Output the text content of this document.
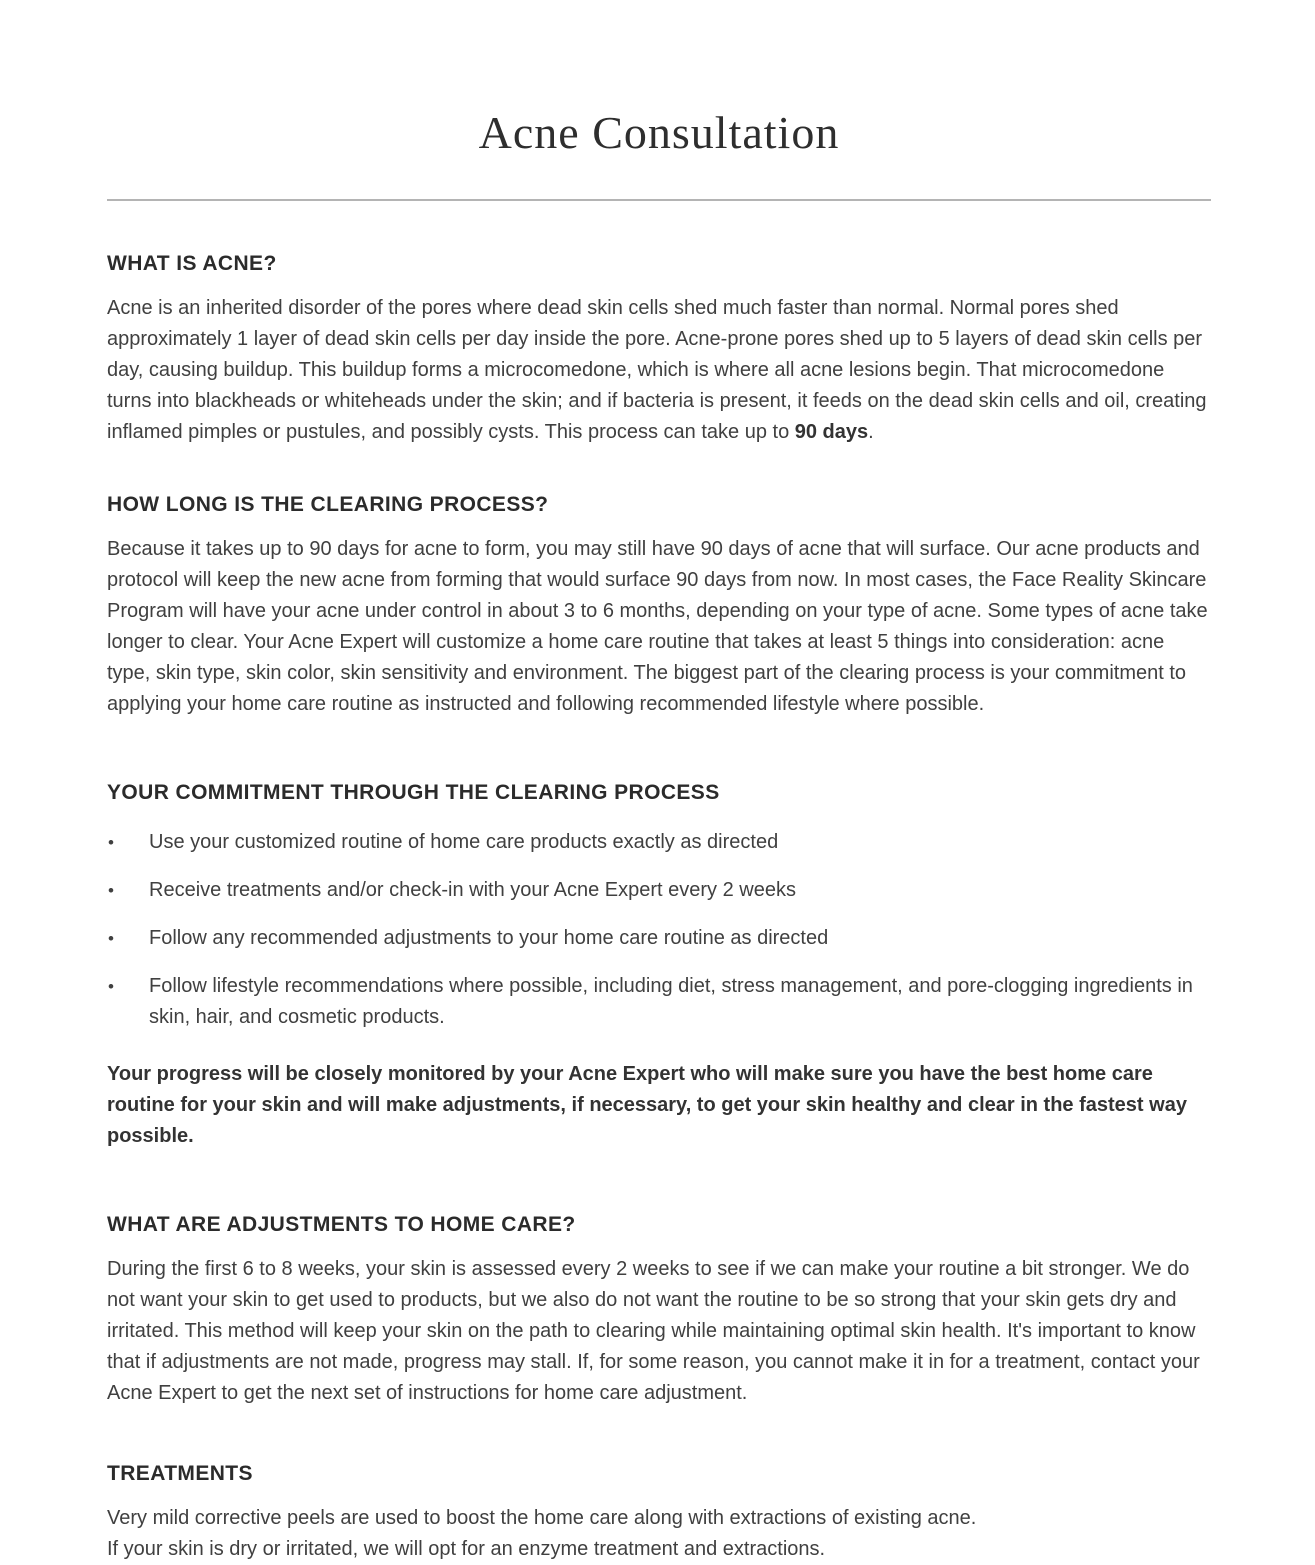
Acne Consultation
WHAT IS ACNE?

Acne is an inherited disorder of the pores where dead skin cells shed much faster than normal. Normal pores shed approximately 1 layer of dead skin cells per day inside the pore. Acne-prone pores shed up to 5 layers of dead skin cells per day, causing buildup. This buildup forms a microcomedone, which is where all acne lesions begin. That microcomedone turns into blackheads or whiteheads under the skin; and if bacteria is present, it feeds on the dead skin cells and oil, creating inflamed pimples or pustules, and possibly cysts. This process can take up to 90 days.

HOW LONG IS THE CLEARING PROCESS?

Because it takes up to 90 days for acne to form, you may still have 90 days of acne that will surface. Our acne products and protocol will keep the new acne from forming that would surface 90 days from now. In most cases, the Face Reality Skincare Program will have your acne under control in about 3 to 6 months, depending on your type of acne. Some types of acne take longer to clear. Your Acne Expert will customize a home care routine that takes at least 5 things into consideration: acne type, skin type, skin color, skin sensitivity and environment. The biggest part of the clearing process is your commitment to applying your home care routine as instructed and following recommended lifestyle where possible.

YOUR COMMITMENT THROUGH THE CLEARING PROCESS
• Use your customized routine of home care products exactly as directed
• Receive treatments and/or check-in with your Acne Expert every 2 weeks
• Follow any recommended adjustments to your home care routine as directed
• Follow lifestyle recommendations where possible, including diet, stress management, and pore-clogging ingredients in skin, hair, and cosmetic products.

Your progress will be closely monitored by your Acne Expert who will make sure you have the best home care routine for your skin and will make adjustments, if necessary, to get your skin healthy and clear in the fastest way possible.

WHAT ARE ADJUSTMENTS TO HOME CARE?

During the first 6 to 8 weeks, your skin is assessed every 2 weeks to see if we can make your routine a bit stronger. We do not want your skin to get used to products, but we also do not want the routine to be so strong that your skin gets dry and irritated. This method will keep your skin on the path to clearing while maintaining optimal skin health. It's important to know that if adjustments are not made, progress may stall. If, for some reason, you cannot make it in for a treatment, contact your Acne Expert to get the next set of instructions for home care adjustment.

TREATMENTS

Very mild corrective peels are used to boost the home care along with extractions of existing acne.
If your skin is dry or irritated, we will opt for an enzyme treatment and extractions.
